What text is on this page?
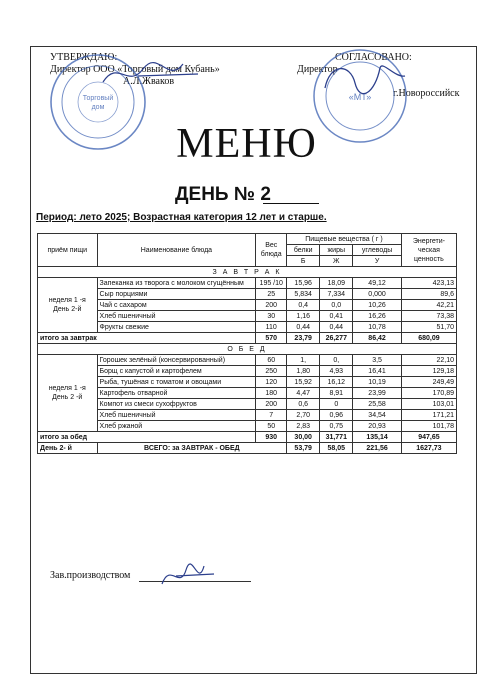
УТВЕРЖДАЮ:
Директор ООО «Торговый дом Кубань»
А.Л.Жваков
СОГЛАСОВАНО:
Директор
г.Новороссийск
Торговый
дом
«МТ»
МЕНЮ
ДЕНЬ № 2
Период: лето 2025; Возрастная категория 12 лет и старше.
приём пищи	Наименование блюда	Вес блюда	Пищевые вещества ( г )			Энергети-ческая ценность
			белки	жиры	углеводы	
			Б	Ж	У	
З А В Т Р А К						
неделя 1 -я День 2-й	Запеканка из творога с молоком сгущённым	195 /10	15,96	18,09	49,12	423,13
	Сыр порциями	25	5,834	7,334	0,000	89,6
	Чай с сахаром	200	0,4	0,0	10,26	42,21
	Хлеб пшеничный	30	1,16	0,41	16,26	73,38
	Фрукты свежие	110	0,44	0,44	10,78	51,70
итого за завтрак		570	23,79	26,277	86,42	680,09
О Б Е Д						
неделя 1 -я День 2 -й	Горошек зелёный (консервированный)	60	1,	0,	3,5	22,10
	Борщ с капустой и картофелем	250	1,80	4,93	16,41	129,18
	Рыба, тушёная с томатом и овощами	120	15,92	16,12	10,19	249,49
	Картофель отварной	180	4,47	8,91	23,99	170,89
	Компот из смеси сухофруктов	200	0,6	0	25,58	103,01
	Хлеб пшеничный	7	2,70	0,96	34,54	171,21
	Хлеб ржаной	50	2,83	0,75	20,93	101,78
итого за обед		930	30,00	31,771	135,14	947,65
День 2- й	ВСЕГО: за ЗАВТРАК - ОБЕД		53,79	58,05	221,56	1627,73
Зав.производством
